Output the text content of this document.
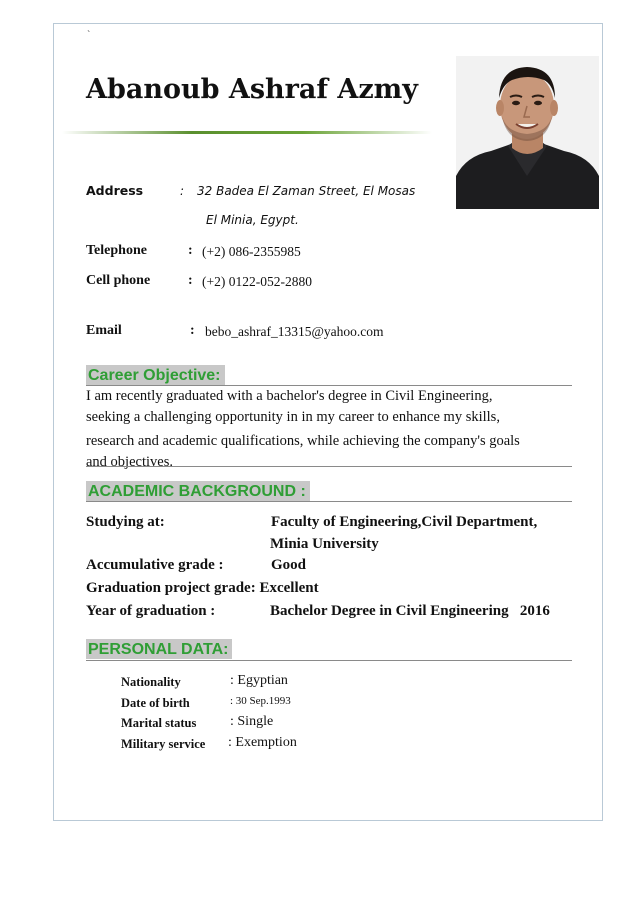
`
Abanoub Ashraf Azmy
Address	: 32 Badea El Zaman Street, El Mosas
El Minia, Egypt.
Telephone	: (+2) 086-2355985
Cell phone	: (+2) 0122-052-2880
Email	: bebo_ashraf_13315@yahoo.com
Career Objective:
I am recently graduated with a bachelor's degree in Civil Engineering,
seeking a challenging opportunity in in my career to enhance my skills,
research and academic qualifications, while achieving the company's goals
and objectives.
ACADEMIC BACKGROUND :
Studying at:	Faculty of Engineering,Civil Department,
Minia University
Accumulative grade :	Good
Graduation project grade: Excellent
Year of graduation :	Bachelor Degree in Civil Engineering   2016
PERSONAL DATA:
Nationality	: Egyptian
Date of birth	: 30 Sep.1993
Marital status : Single
Military service : Exemption
